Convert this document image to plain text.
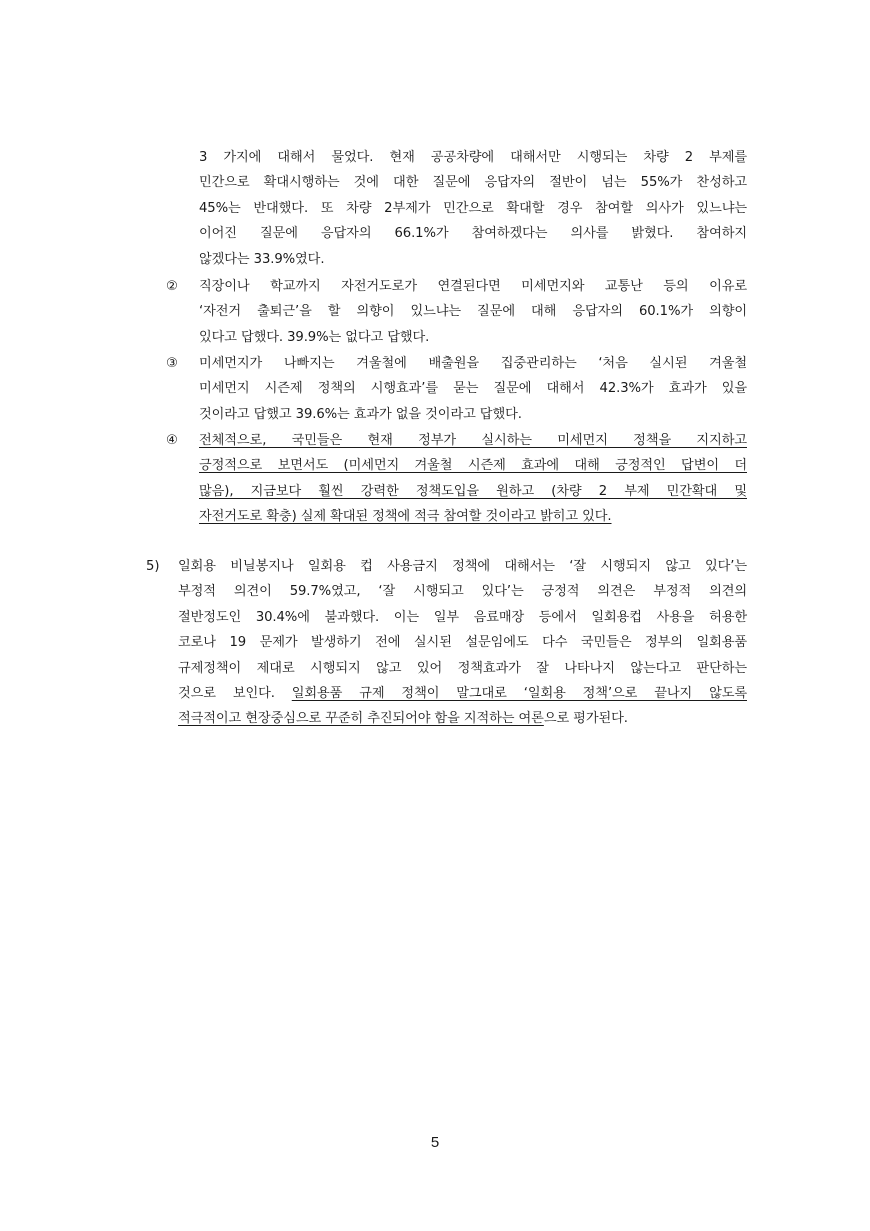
3 가지에 대해서 물었다. 현재 공공차량에 대해서만 시행되는 차량 2 부제를
민간으로 확대시행하는 것에 대한 질문에 응답자의 절반이 넘는 55%가 찬성하고
45%는 반대했다. 또 차량 2부제가 민간으로 확대할 경우 참여할 의사가 있느냐는
이어진 질문에 응답자의 66.1%가 참여하겠다는 의사를 밝혔다. 참여하지
않겠다는 33.9%였다.
② 직장이나 학교까지 자전거도로가 연결된다면 미세먼지와 교통난 등의 이유로
‘자전거 출퇴근’을 할 의향이 있느냐는 질문에 대해 응답자의 60.1%가 의향이
있다고 답했다. 39.9%는 없다고 답했다.
③ 미세먼지가 나빠지는 겨울철에 배출원을 집중관리하는 ‘처음 실시된 겨울철
미세먼지 시즌제 정책의 시행효과’를 묻는 질문에 대해서 42.3%가 효과가 있을
것이라고 답했고 39.6%는 효과가 없을 것이라고 답했다.
④ 전체적으로, 국민들은 현재 정부가 실시하는 미세먼지 정책을 지지하고
긍정적으로 보면서도 (미세먼지 겨울철 시즌제 효과에 대해 긍정적인 답변이 더
많음), 지금보다 훨씬 강력한 정책도입을 원하고 (차량 2 부제 민간확대 및
자전거도로 확충) 실제 확대된 정책에 적극 참여할 것이라고 밝히고 있다.
5) 일회용 비닐봉지나 일회용 컵 사용금지 정책에 대해서는 ‘잘 시행되지 않고 있다’는
부정적 의견이 59.7%였고, ‘잘 시행되고 있다’는 긍정적 의견은 부정적 의견의
절반정도인 30.4%에 불과했다. 이는 일부 음료매장 등에서 일회용컵 사용을 허용한
코로나 19 문제가 발생하기 전에 실시된 설문임에도 다수 국민들은 정부의 일회용품
규제정책이 제대로 시행되지 않고 있어 정책효과가 잘 나타나지 않는다고 판단하는
것으로 보인다. 일회용품 규제 정책이 말그대로 ‘일회용 정책’으로 끝나지 않도록
적극적이고 현장중심으로 꾸준히 추진되어야 함을 지적하는 여론으로 평가된다.
5
